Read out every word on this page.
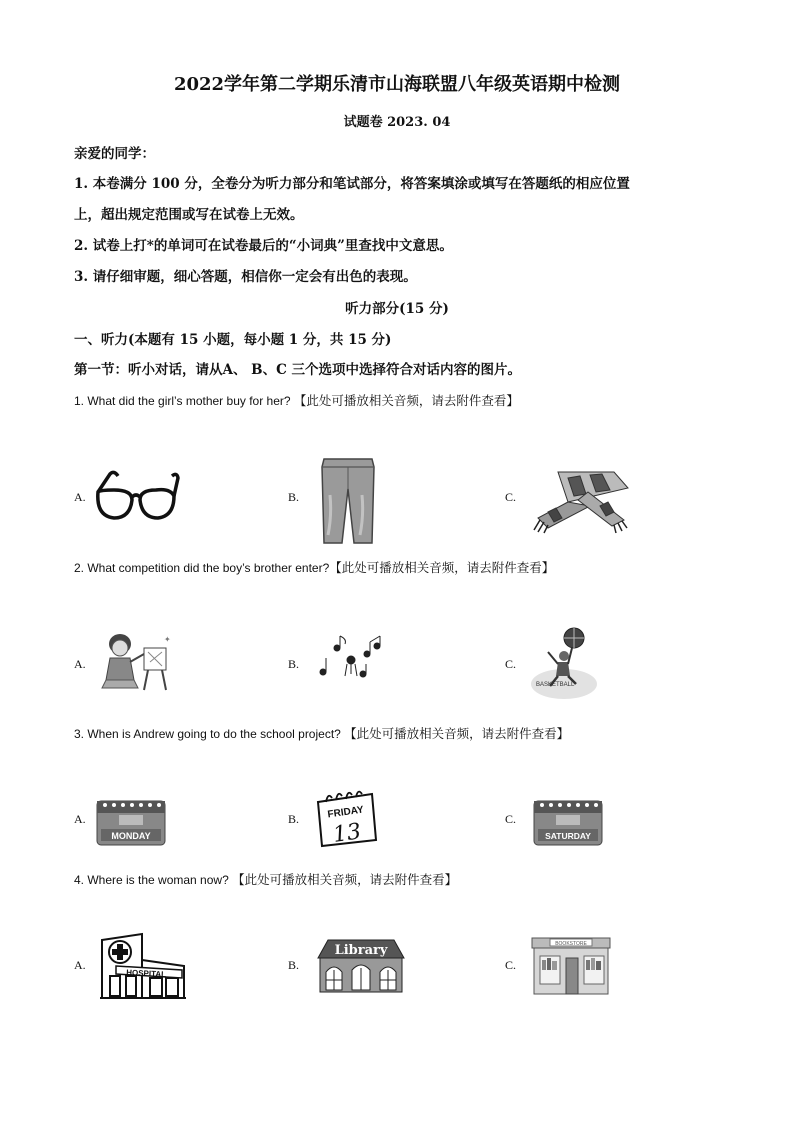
2022学年第二学期乐清市山海联盟八年级英语期中检测
试题卷 2023. 04
亲爱的同学：
1. 本卷满分 100 分，全卷分为听力部分和笔试部分，将答案填涂或填写在答题纸的相应位置
上，超出规定范围或写在试卷上无效。
2. 试卷上打*的单词可在试卷最后的“小词典”里查找中文意思。
3. 请仔细审题，细心答题，相信你一定会有出色的表现。
听力部分(15 分)
一、听力(本题有 15 小题，每小题 1 分，共 15 分)
第一节：听小对话，请从A、 B、C 三个选项中选择符合对话内容的图片。
1. What did the girl’s mother buy for her? 【此处可播放相关音频，请去附件查看】
A.	B.	C.
2. What competition did the boy’s brother enter?【此处可播放相关音频，请去附件查看】
A.	B.	C.
✦
BASKETBALL
3. When is Andrew going to do the school project? 【此处可播放相关音频，请去附件查看】
A.	B.	C.
MONDAY
FRIDAY
13	SATURDAY
4. Where is the woman now? 【此处可播放相关音频，请去附件查看】
A.	B.	C.
HOSPITAL
Library	BOOKSTORE
